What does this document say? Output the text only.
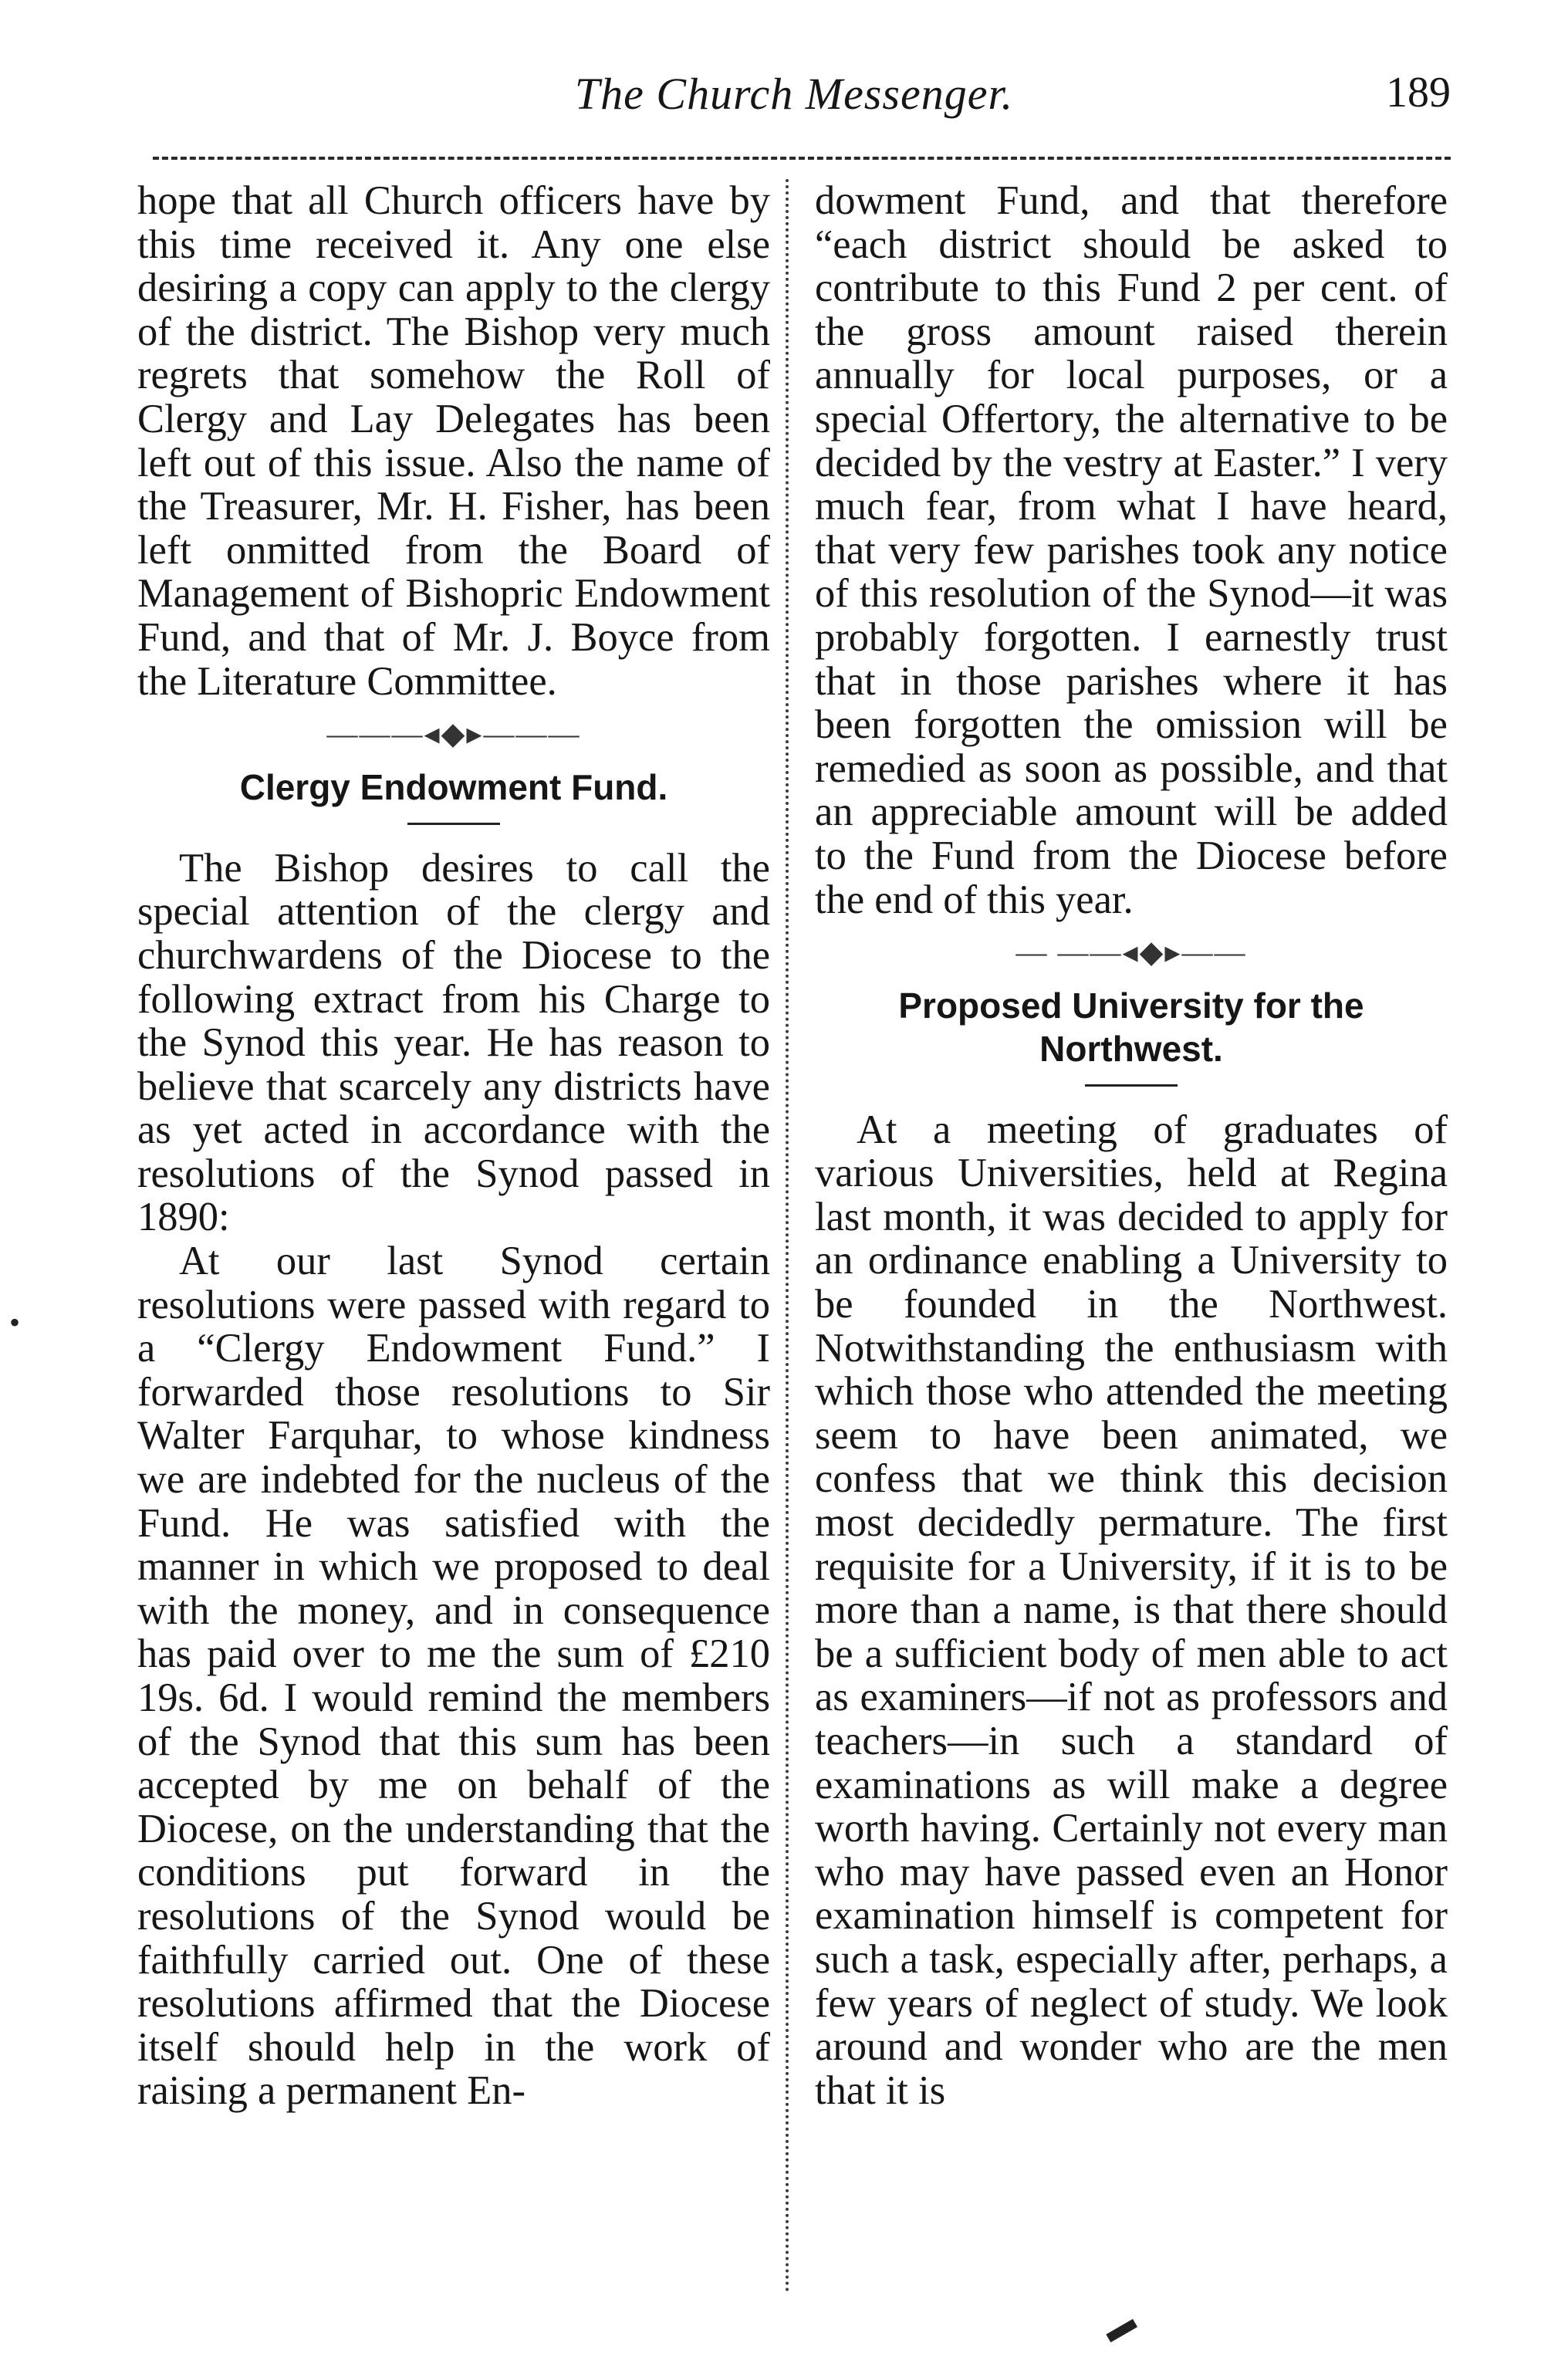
The Church Messenger.	189

hope that all Church officers have by this time received it. Any one else desiring a copy can apply to the clergy of the district. The Bishop very much regrets that somehow the Roll of Clergy and Lay Delegates has been left out of this issue. Also the name of the Treasurer, Mr. H. Fisher, has been left onmitted from the Board of Management of Bishopric Endowment Fund, and that of Mr. J. Boyce from the Literature Committee.

———◂◆▸———
Clergy Endowment Fund.

The Bishop desires to call the special attention of the clergy and churchwardens of the Diocese to the following extract from his Charge to the Synod this year. He has reason to believe that scarcely any districts have as yet acted in accordance with the resolutions of the Synod passed in 1890:

At our last Synod certain resolutions were passed with regard to a “Clergy Endowment Fund.” I forwarded those resolutions to Sir Walter Farquhar, to whose kindness we are indebted for the nucleus of the Fund. He was satisfied with the manner in which we proposed to deal with the money, and in consequence has paid over to me the sum of £210 19s. 6d. I would remind the members of the Synod that this sum has been accepted by me on behalf of the Diocese, on the understanding that the conditions put forward in the resolutions of the Synod would be faithfully carried out. One of these resolutions affirmed that the Diocese itself should help in the work of raising a permanent En-

dowment Fund, and that therefore “each district should be asked to contribute to this Fund 2 per cent. of the gross amount raised therein annually for local purposes, or a special Offertory, the alternative to be decided by the vestry at Easter.” I very much fear, from what I have heard, that very few parishes took any notice of this resolution of the Synod—it was probably forgotten. I earnestly trust that in those parishes where it has been forgotten the omission will be remedied as soon as possible, and that an appreciable amount will be added to the Fund from the Diocese before the end of this year.

— ——◂◆▸——
Proposed University for the
Northwest.

At a meeting of graduates of various Universities, held at Regina last month, it was decided to apply for an ordinance enabling a University to be founded in the Northwest. Notwithstanding the enthusiasm with which those who attended the meeting seem to have been animated, we confess that we think this decision most decidedly permature. The first requisite for a University, if it is to be more than a name, is that there should be a sufficient body of men able to act as examiners—if not as professors and teachers—in such a standard of examinations as will make a degree worth having. Certainly not every man who may have passed even an Honor examination himself is competent for such a task, especially after, perhaps, a few years of neglect of study. We look around and wonder who are the men that it is

•
▬
